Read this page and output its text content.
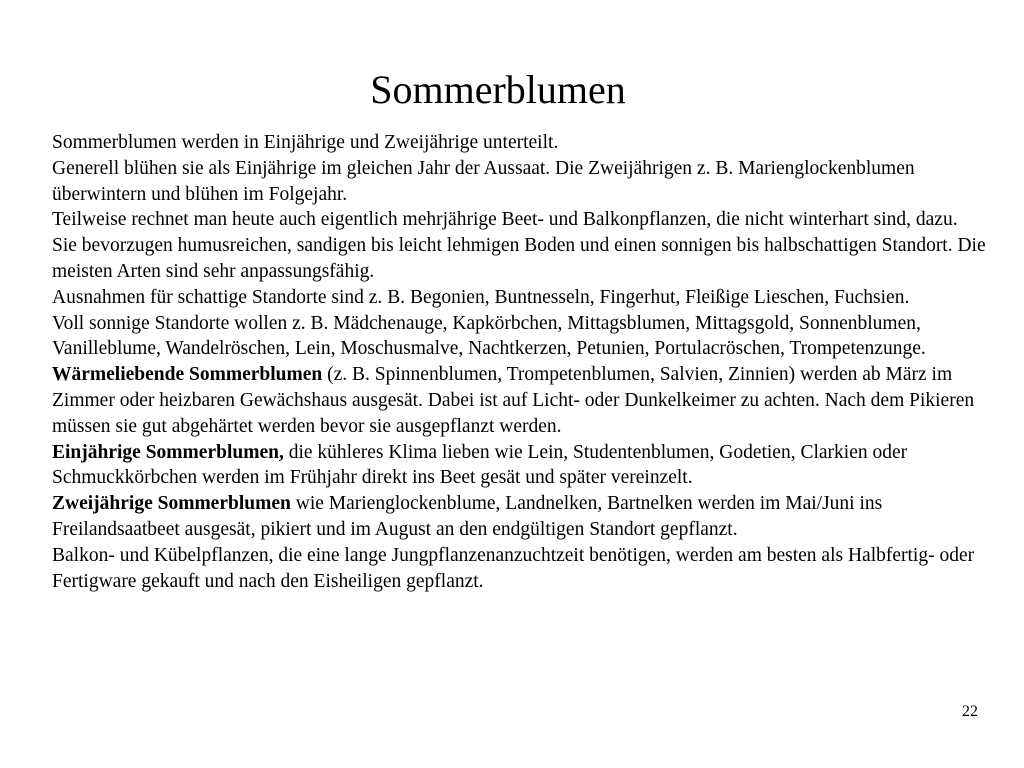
Sommerblumen

Sommerblumen werden in Einjährige und Zweijährige unterteilt.

Generell blühen sie als Einjährige im gleichen Jahr der Aussaat. Die Zweijährigen z. B. Marienglockenblumen überwintern und blühen im Folgejahr.

Teilweise rechnet man heute auch eigentlich mehrjährige Beet- und Balkonpflanzen, die nicht winterhart sind, dazu.

Sie bevorzugen humusreichen, sandigen bis leicht lehmigen Boden und einen sonnigen bis halbschattigen Standort. Die meisten Arten sind sehr anpassungsfähig.

Ausnahmen für schattige Standorte sind z. B. Begonien, Buntnesseln, Fingerhut, Fleißige Lieschen, Fuchsien.

Voll sonnige Standorte wollen z. B. Mädchenauge, Kapkörbchen, Mittagsblumen, Mittagsgold, Sonnenblumen, Vanilleblume, Wandelröschen, Lein, Moschusmalve, Nachtkerzen, Petunien, Portulacröschen, Trompetenzunge.

Wärmeliebende Sommerblumen (z. B. Spinnenblumen, Trompetenblumen, Salvien, Zinnien) werden ab März im Zimmer oder heizbaren Gewächshaus ausgesät. Dabei ist auf Licht- oder Dunkelkeimer zu achten. Nach dem Pikieren müssen sie gut abgehärtet werden bevor sie ausgepflanzt werden.

Einjährige Sommerblumen, die kühleres Klima lieben wie Lein, Studentenblumen, Godetien, Clarkien oder Schmuckkörbchen werden im Frühjahr direkt ins Beet gesät und später vereinzelt.

Zweijährige Sommerblumen wie Marienglockenblume, Landnelken, Bartnelken werden im Mai/Juni ins Freilandsaatbeet ausgesät, pikiert und im August an den endgültigen Standort gepflanzt.

Balkon- und Kübelpflanzen, die eine lange Jungpflanzenanzuchtzeit benötigen, werden am besten als Halbfertig- oder Fertigware gekauft und nach den Eisheiligen gepflanzt.

22
